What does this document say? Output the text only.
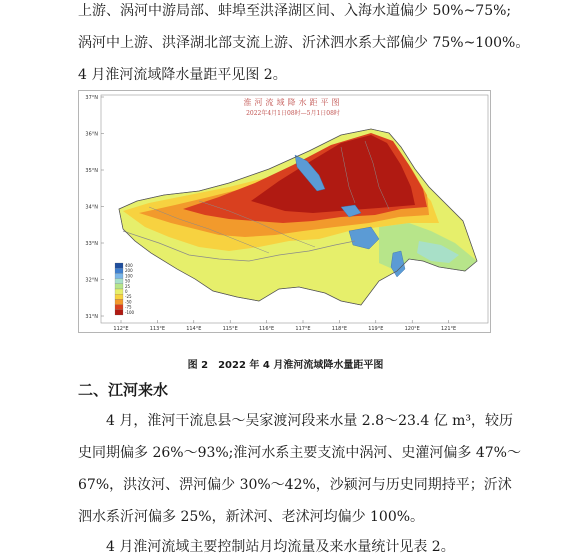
上游、涡河中游局部、蚌埠至洪泽湖区间、入海水道偏少 50%~75%;
涡河中上游、洪泽湖北部支流上游、沂沭泗水系大部偏少 75%~100%。
4 月淮河流域降水量距平见图 2。
37°N
36°N
35°N
34°N
33°N
32°N
31°N
112°E	113°E	114°E	115°E	116°E	117°E	118°E	119°E	120°E	121°E
淮河流域降水距平图
2022年4月1日08时—5月1日08时
400
200
100
50
25
0
-25
-50
-75
-100
图 2　2022 年 4 月淮河流域降水量距平图
二、江河来水
4 月，淮河干流息县～吴家渡河段来水量 2.8～23.4 亿 m³，较历
史同期偏多 26%～93%;淮河水系主要支流中涡河、史灌河偏多 47%～
67%，洪汝河、淠河偏少 30%～42%，沙颍河与历史同期持平；沂沭
泗水系沂河偏多 25%，新沭河、老沭河均偏少 100%。
4 月淮河流域主要控制站月均流量及来水量统计见表 2。
